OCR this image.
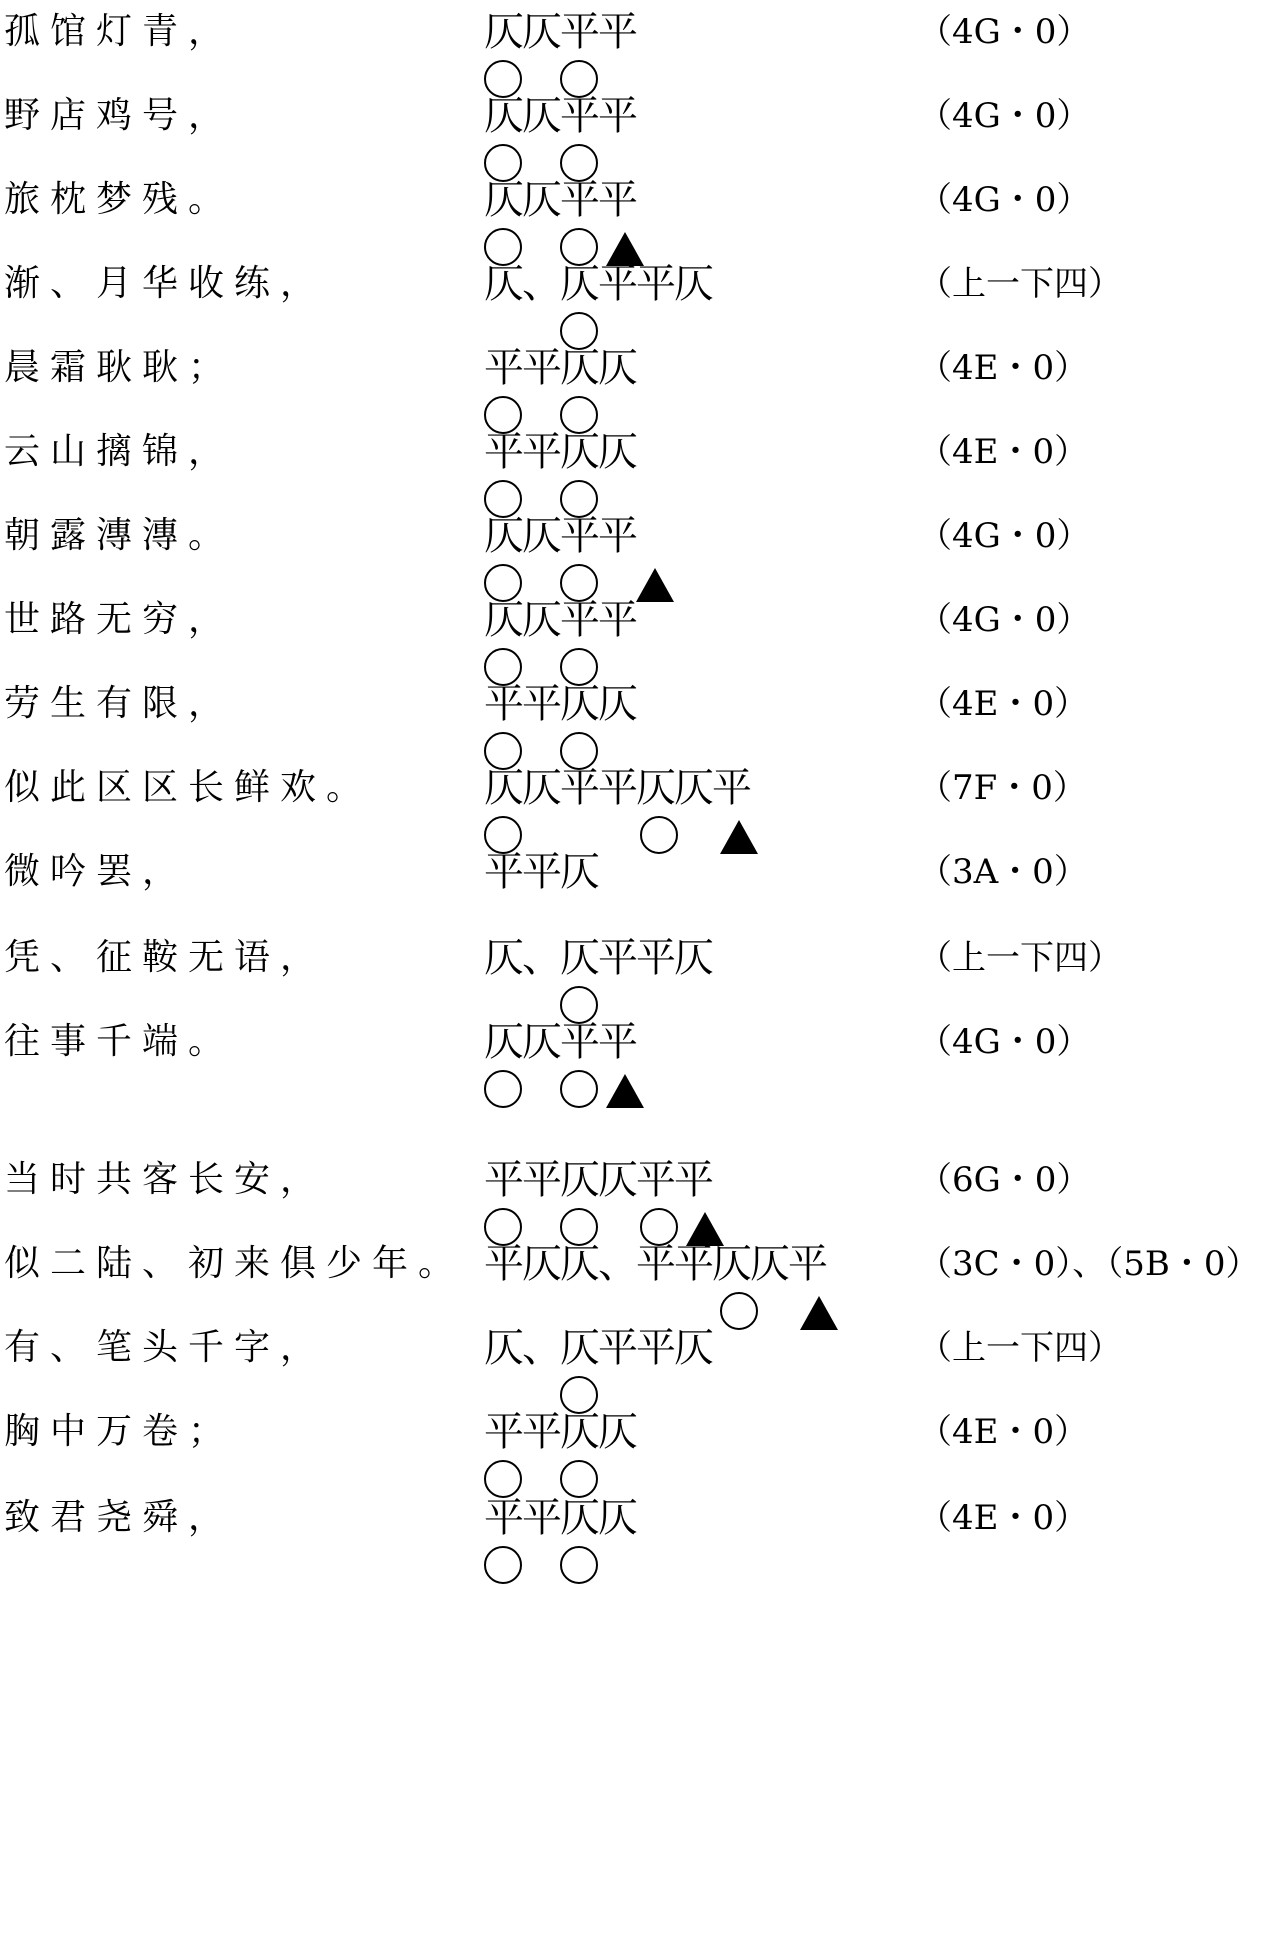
孤馆灯青，	仄仄平平	（4G・0）
野店鸡号，	仄仄平平	（4G・0）
旅枕梦残。	仄仄平平	（4G・0）
渐、月华收练，	仄、仄平平仄	（上一下四）
晨霜耿耿；	平平仄仄	（4E・0）
云山摛锦，	平平仄仄	（4E・0）
朝露漙漙。	仄仄平平	（4G・0）
世路无穷，	仄仄平平	（4G・0）
劳生有限，	平平仄仄	（4E・0）
似此区区长鲜欢。	仄仄平平仄仄平	（7F・0）
微吟罢，	平平仄	（3A・0）
凭、征鞍无语，	仄、仄平平仄	（上一下四）
往事千端。	仄仄平平	（4G・0）
当时共客长安，	平平仄仄平平	（6G・0）
似二陆、初来俱少年。 平仄仄、平平仄仄平	（3C・0）、（5B・0）
有、笔头千字，	仄、仄平平仄	（上一下四）
胸中万卷；	平平仄仄	（4E・0）
致君尧舜，	平平仄仄	（4E・0）
